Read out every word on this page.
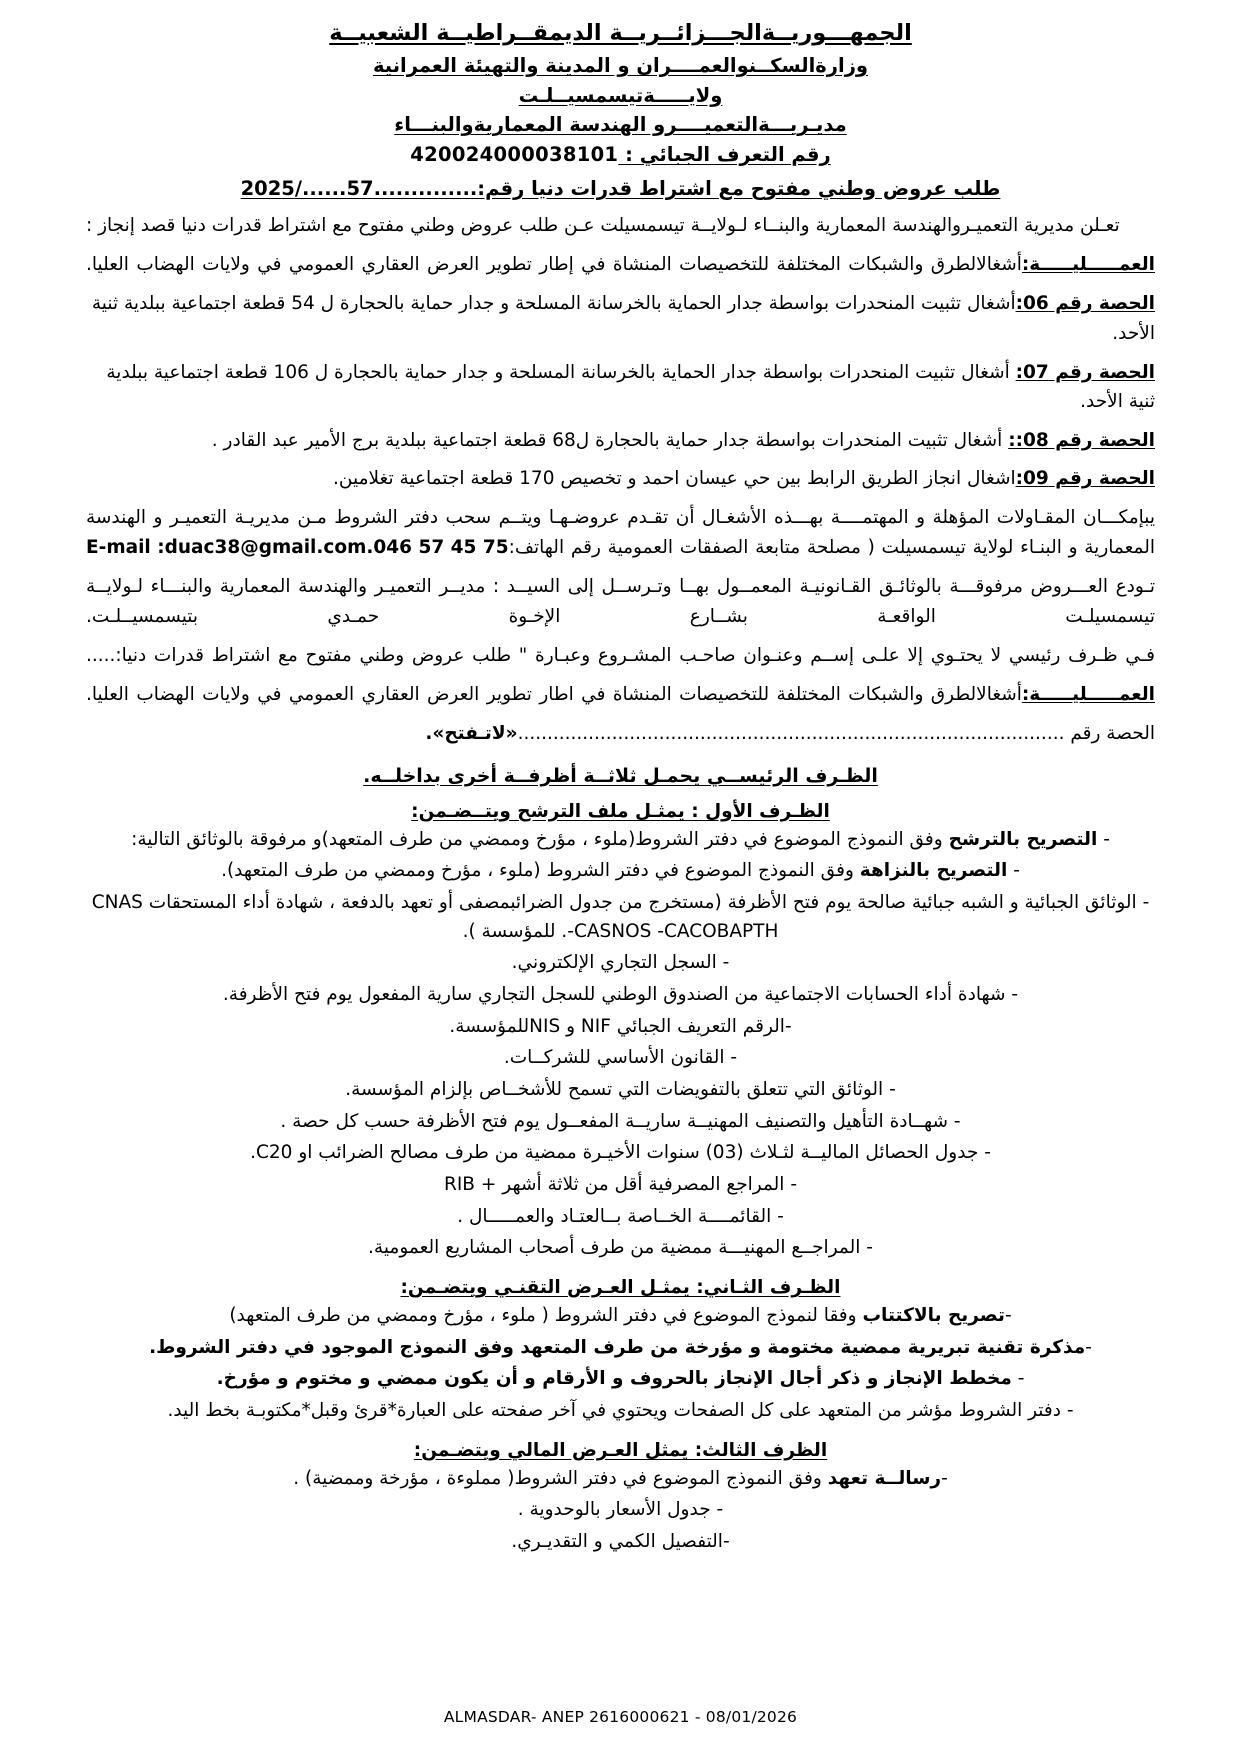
الجمهـــوريــةالجـــزائــريــة الديمقــراطيــة الشعبيــة
وزارةالسكــنوالعمــــران و المدينة والتهيئة العمرانية
ولايـــــةتيسمسيــلـت
مديـريـــةالتعميــــرو الهندسة المعماريةوالبنـــاء
رقم التعرف الجبائي : 420024000038101
طلب عروض وطني مفتوح مع اشتراط قدرات دنيا رقم:..............57....../2025
تعـلن مديرية التعميـروالهندسة المعمارية والبنــاء لـولايــة تيسمسيلت عـن طلب عروض وطني مفتوح مع اشتراط قدرات دنيا قصد إنجاز :
العمـــــليـــــة:أشغالالطرق والشبكات المختلفة للتخصيصات المنشاة في إطار تطوير العرض العقاري العمومي في ولايات الهضاب العليا.
الحصة رقم 06:أشغال تثبيت المنحدرات بواسطة جدار الحماية بالخرسانة المسلحة و جدار حماية بالحجارة ل 54 قطعة اجتماعية ببلدية ثنية الأحد.
الحصة رقم 07: أشغال تثبيت المنحدرات بواسطة جدار الحماية بالخرسانة المسلحة و جدار حماية بالحجارة ل 106 قطعة اجتماعية ببلدية ثنية الأحد.
الحصة رقم 08:: أشغال تثبيت المنحدرات بواسطة جدار حماية بالحجارة ل68 قطعة اجتماعية ببلدية برج الأمير عبد القادر .
الحصة رقم 09:اشغال انجاز الطريق الرابط بين حي عيسان احمد و تخصيص 170 قطعة اجتماعية تغلامين.
يبإمكـــان المقـاولات المؤهلة و المهتمــــة بهـــذه الأشغـال أن تقـدم عروضـهـا ويتــم سحب دفتر الشروط مـن مديريـة التعميـر و الهندسة المعمارية و البنـاء لولاية تيسمسيلت ( مصلحة متابعة الصفقات العمومية رقم الهاتف:046 57 45 75.duac38@gmail.comE-mail :
تـودع العـــروض مرفوقـــة بالوثائـق القـانونيـة المعمــول بهــا وتـرســل إلى السيــد : مديــر التعميـر والهندسة المعمارية والبنـــاء لـولايــة تيسمسيلـت الواقعـة بشــارع الإخـوة حمـدي بتيسمسيــلـت.
فـي ظـرف رئيسي لا يحتـوي إلا علـى إســم وعنـوان صاحـب المشـروع وعبـارة " طلب عروض وطني مفتوح مع اشتراط قدرات دنيا:.....
العمـــــليـــــة:أشغالالطرق والشبكات المختلفة للتخصيصات المنشاة في اطار تطوير العرض العقاري العمومي في ولايات الهضاب العليا.
الحصة رقم .............................................................................................«لاتـفتح».
الظـرف الرئيســي يحمـل ثلاثــة أظرفــة أخرى بداخلــه.
الظـرف الأول : يمثـل ملف الترشح ويتــضـمن:
- التصريح بالترشح وفق النموذج الموضوع في دفتر الشروط(ملوء ، مؤرخ وممضي من طرف المتعهد)و مرفوقة بالوثائق التالية:
- التصريح بالنزاهة وفق النموذج الموضوع في دفتر الشروط (ملوء ، مؤرخ وممضي من طرف المتعهد).
- الوثائق الجبائية و الشبه جبائية صالحة يوم فتح الأظرفة (مستخرج من جدول الضرائبمصفى أو تعهد بالدفعة ، شهادة أداء المستحقات CNAS -CASNOS -CACOBAPTH. للمؤسسة ).
- السجل التجاري الإلكتروني.
- شهادة أداء الحسابات الاجتماعية من الصندوق الوطني للسجل التجاري سارية المفعول يوم فتح الأظرفة.
-الرقم التعريف الجبائي NIF و NISللمؤسسة.
- القانون الأساسي للشركــات.
- الوثائق التي تتعلق بالتفويضات التي تسمح للأشخــاص بإلزام المؤسسة.
- شهــادة التأهيل والتصنيف المهنيــة ساريــة المفعــول يوم فتح الأظرفة حسب كل حصة .
- جدول الحصائل الماليــة لثـلاث (03) سنوات الأخيـرة ممضية من طرف مصالح الضرائب او C20.
- المراجع المصرفية أقل من ثلاثة أشهر + RIB
- القائمــــة الخــاصة بــالعتـاد والعمـــــال .
- المراجــع المهنيـــة ممضية من طرف أصحاب المشاريع العمومية.
الظـرف الثـاني: يمثـل العـرض التقنـي ويتضـمن:
-تصريح بالاكتتاب وفقا لنموذج الموضوع في دفتر الشروط ( ملوء ، مؤرخ وممضي من طرف المتعهد)
-مذكرة تقنية تبريرية ممضية مختومة و مؤرخة من طرف المتعهد وفق النموذج الموجود في دفتر الشروط.
- مخطط الإنجاز و ذكر أجال الإنجاز بالحروف و الأرقام و أن يكون ممضي و مختوم و مؤرخ.
- دفتر الشروط مؤشر من المتعهد على كل الصفحات ويحتوي في آخر صفحته على العبارة*قرئ وقبل*مكتوبـة بخط اليد.
الظرف الثالث: يمثل العـرض المالي ويتضـمن:
-رسالــة تعهد وفق النموذج الموضوع في دفتر الشروط( مملوءة ، مؤرخة وممضية) .
- جدول الأسعار بالوحدوية .
-التفصيل الكمي و التقديـري.
ALMASDAR- ANEP 2616000621 - 08/01/2026
